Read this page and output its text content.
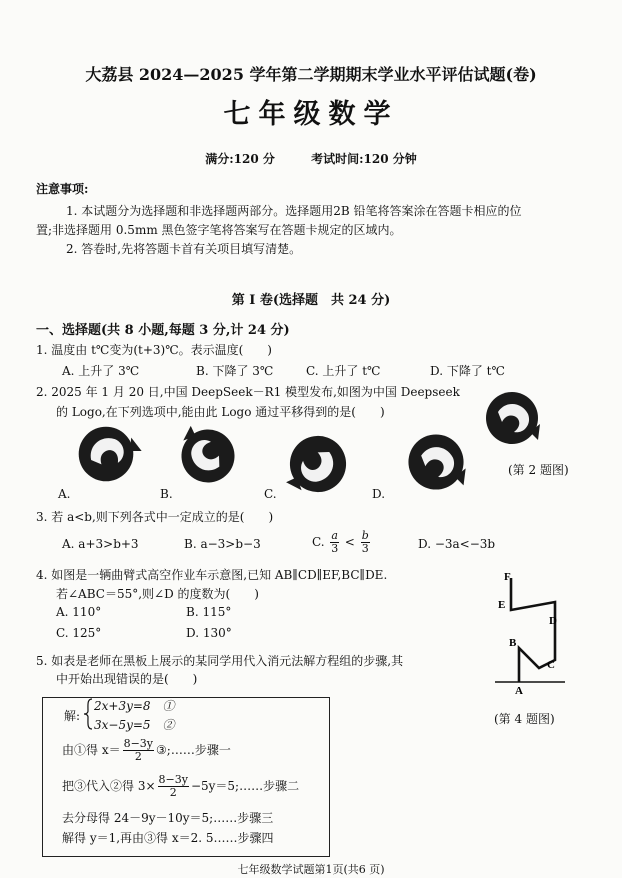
大荔县 2024—2025 学年第二学期期末学业水平评估试题(卷)
七年级数学
满分:120 分	考试时间:120 分钟
注意事项:
1. 本试题分为选择题和非选择题两部分。选择题用2B 铅笔将答案涂在答题卡相应的位
置;非选择题用 0.5mm 黑色签字笔将答案写在答题卡规定的区域内。
2. 答卷时,先将答题卡首有关项目填写清楚。
第 I 卷(选择题　共 24 分)
一、选择题(共 8 小题,每题 3 分,计 24 分)
1. 温度由 t℃变为(t+3)℃。表示温度(　　)
A. 上升了 3℃	B. 下降了 3℃	C. 上升了 t℃	D. 下降了 t℃
2. 2025 年 1 月 20 日,中国 DeepSeek－R1 模型发布,如图为中国 Deepseek
的 Logo,在下列选项中,能由此 Logo 通过平移得到的是(　　)
(第 2 题图)
A.	B.	C.	D.
3. 若 a<b,则下列各式中一定成立的是(　　)
A. a+3>b+3	B. a−3>b−3	C. $\frac{a}{3} < \frac{b}{3}$	D. −3a<−3b
4. 如图是一辆曲臂式高空作业车示意图,已知 AB∥CD∥EF,BC∥DE.
若∠ABC＝55°,则∠D 的度数为(　　)
A. 110°	B. 115°
C. 125°	D. 130°
F
E
D
B
C
A
(第 4 题图)
5. 如表是老师在黑板上展示的某同学用代入消元法解方程组的步骤,其
中开始出现错误的是(　　)
解:
2x+3y=8　①
3x−5y=5　②
由①得 $x= \frac{8-3y}{2}$ ③;……步骤一
把③代入②得 $3\times \frac{8-3y}{2}$ −5y＝5;……步骤二
去分母得 24－9y－10y＝5;……步骤三
解得 y＝1,再由③得 x＝2. 5……步骤四
七年级数学试题第1页(共6 页)
